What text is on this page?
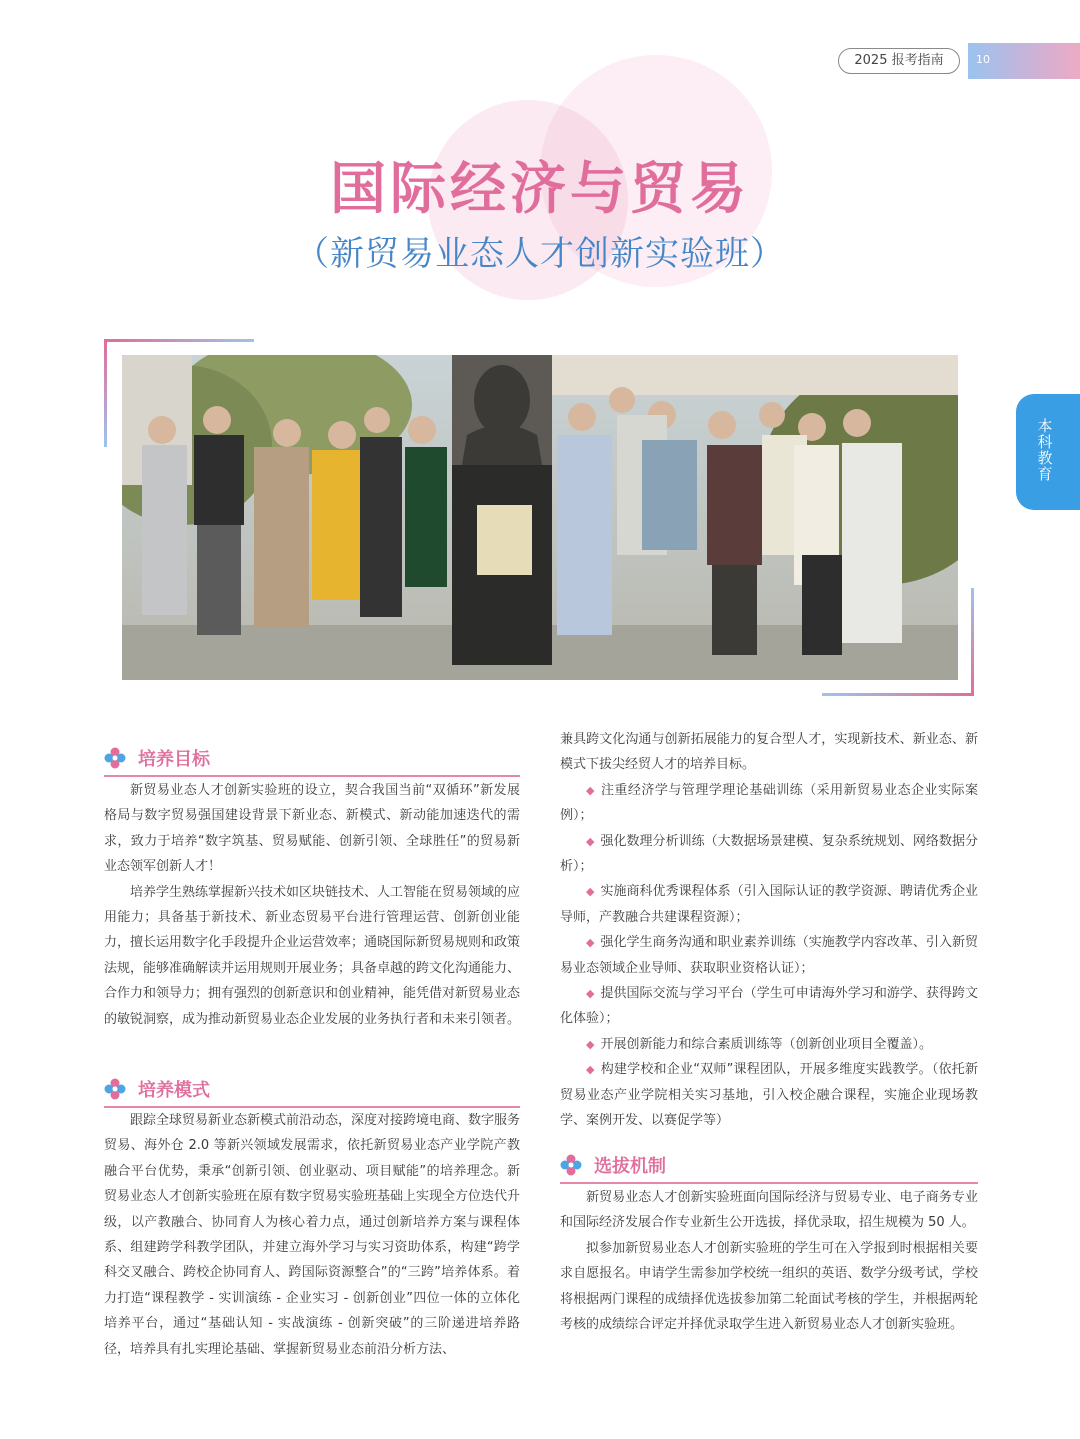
2025 报考指南	10
国际经济与贸易
（新贸易业态人才创新实验班）
本科教育
培养目标

新贸易业态人才创新实验班的设立，契合我国当前“双循环”新发展格局与数字贸易强国建设背景下新业态、新模式、新动能加速迭代的需求，致力于培养“数字筑基、贸易赋能、创新引领、全球胜任”的贸易新业态领军创新人才！

培养学生熟练掌握新兴技术如区块链技术、人工智能在贸易领域的应用能力；具备基于新技术、新业态贸易平台进行管理运营、创新创业能力，擅长运用数字化手段提升企业运营效率；通晓国际新贸易规则和政策法规，能够准确解读并运用规则开展业务；具备卓越的跨文化沟通能力、合作力和领导力；拥有强烈的创新意识和创业精神，能凭借对新贸易业态的敏锐洞察，成为推动新贸易业态企业发展的业务执行者和未来引领者。

培养模式

跟踪全球贸易新业态新模式前沿动态，深度对接跨境电商、数字服务贸易、海外仓 2.0 等新兴领域发展需求，依托新贸易业态产业学院产教融合平台优势，秉承“创新引领、创业驱动、项目赋能”的培养理念。新贸易业态人才创新实验班在原有数字贸易实验班基础上实现全方位迭代升级，以产教融合、协同育人为核心着力点，通过创新培养方案与课程体系、组建跨学科教学团队，并建立海外学习与实习资助体系，构建“跨学科交叉融合、跨校企协同育人、跨国际资源整合”的“三跨”培养体系。着力打造“课程教学 - 实训演练 - 企业实习 - 创新创业”四位一体的立体化培养平台，通过“基础认知 - 实战演练 - 创新突破”的三阶递进培养路径，培养具有扎实理论基础、掌握新贸易业态前沿分析方法、

兼具跨文化沟通与创新拓展能力的复合型人才，实现新技术、新业态、新模式下拔尖经贸人才的培养目标。

◆ 注重经济学与管理学理论基础训练（采用新贸易业态企业实际案例）；

◆ 强化数理分析训练（大数据场景建模、复杂系统规划、网络数据分析）；

◆ 实施商科优秀课程体系（引入国际认证的教学资源、聘请优秀企业导师，产教融合共建课程资源）；

◆ 强化学生商务沟通和职业素养训练（实施教学内容改革、引入新贸易业态领域企业导师、获取职业资格认证）；

◆ 提供国际交流与学习平台（学生可申请海外学习和游学、获得跨文化体验）；

◆ 开展创新能力和综合素质训练等（创新创业项目全覆盖）。

◆ 构建学校和企业“双师”课程团队，开展多维度实践教学。（依托新贸易业态产业学院相关实习基地，引入校企融合课程，实施企业现场教学、案例开发、以赛促学等）

选拔机制

新贸易业态人才创新实验班面向国际经济与贸易专业、电子商务专业和国际经济发展合作专业新生公开选拔，择优录取，招生规模为 50 人。

拟参加新贸易业态人才创新实验班的学生可在入学报到时根据相关要求自愿报名。申请学生需参加学校统一组织的英语、数学分级考试，学校将根据两门课程的成绩择优选拔参加第二轮面试考核的学生，并根据两轮考核的成绩综合评定并择优录取学生进入新贸易业态人才创新实验班。
